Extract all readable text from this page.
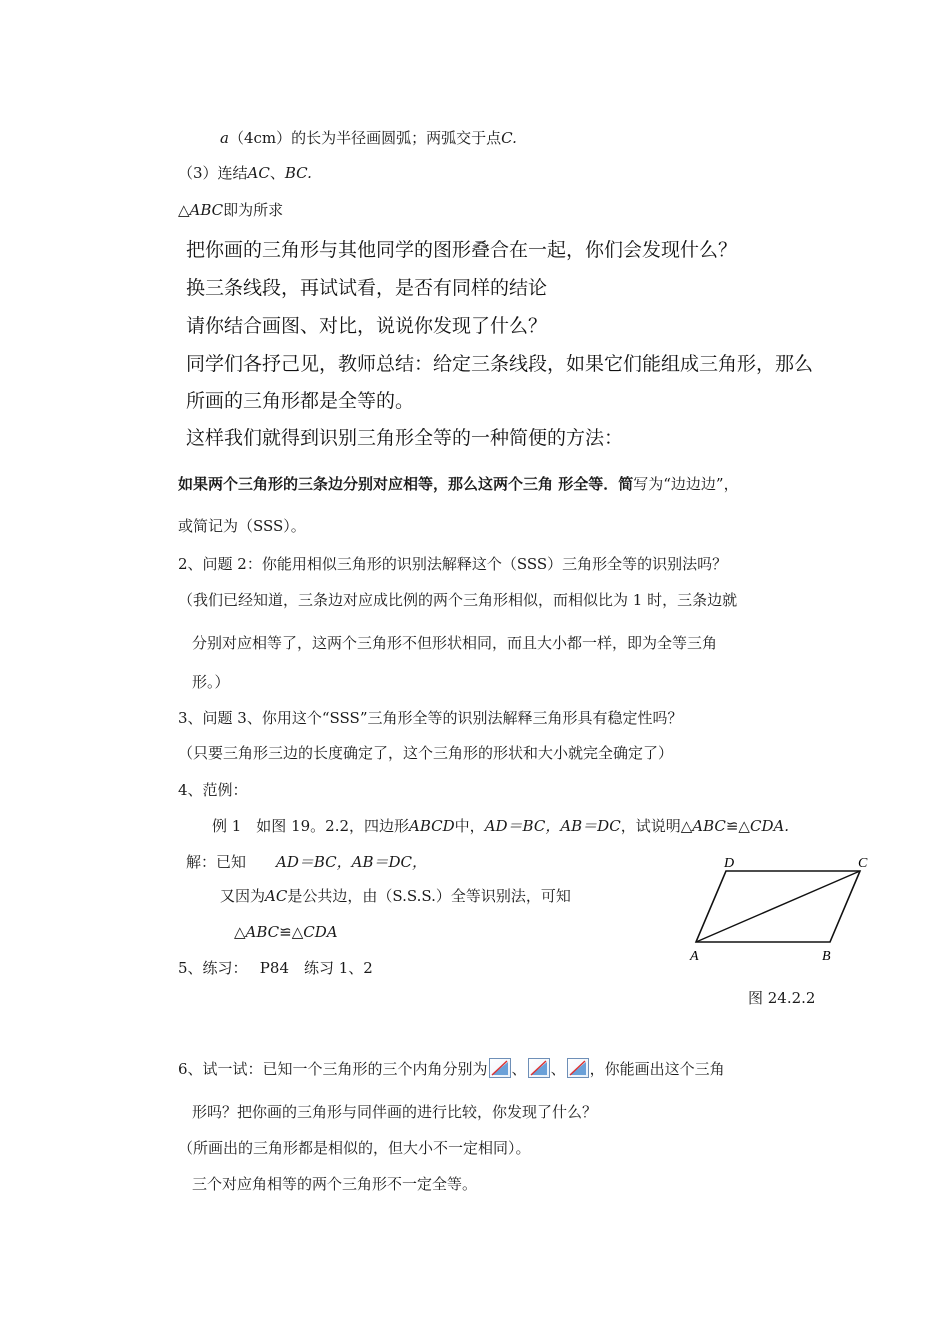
a（4cm）的长为半径画圆弧；两弧交于点C.
（3）连结AC、BC.
△ABC即为所求
把你画的三角形与其他同学的图形叠合在一起，你们会发现什么？
换三条线段，再试试看，是否有同样的结论
请你结合画图、对比，说说你发现了什么？
同学们各抒己见，教师总结：给定三条线段，如果它们能组成三角形，那么
所画的三角形都是全等的。
这样我们就得到识别三角形全等的一种简便的方法：
如果两个三角形的三条边分别对应相等，那么这两个三角 形全等．简写为“边边边”，
或简记为（SSS）。
2、问题 2：你能用相似三角形的识别法解释这个（SSS）三角形全等的识别法吗？
（我们已经知道，三条边对应成比例的两个三角形相似，而相似比为 1 时，三条边就
分别对应相等了，这两个三角形不但形状相同，而且大小都一样，即为全等三角
形。）
3、问题 3、你用这个“SSS”三角形全等的识别法解释三角形具有稳定性吗？
（只要三角形三边的长度确定了，这个三角形的形状和大小就完全确定了）
4、范例：
例 1　如图 19。2.2，四边形ABCD中，AD＝BC，AB＝DC，试说明△ABC≌△CDA.
解：已知 AD＝BC，AB＝DC，
又因为AC是公共边，由（S.S.S.）全等识别法，可知
△ABC≌△CDA
5、练习：　 P84　练习 1、2
D	C
A	B
图 24.2.2
6、试一试：已知一个三角形的三个内角分别为 、 、 ，你能画出这个三角
形吗？把你画的三角形与同伴画的进行比较，你发现了什么？
（所画出的三角形都是相似的，但大小不一定相同）。
三个对应角相等的两个三角形不一定全等。
